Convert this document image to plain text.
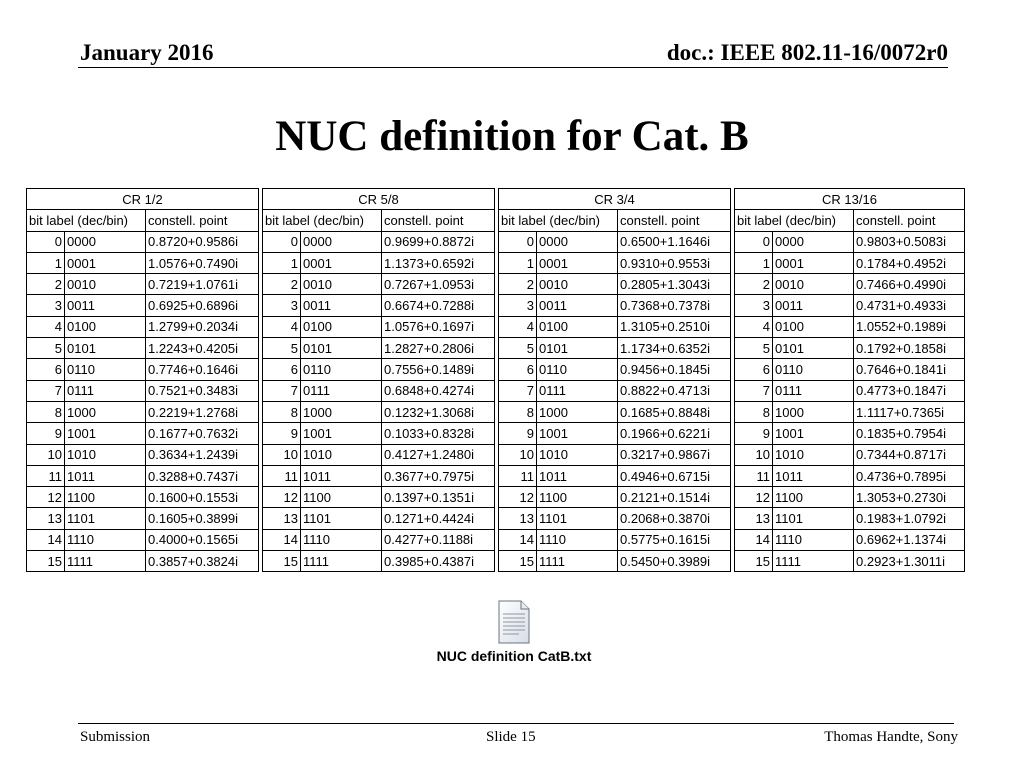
January 2016	doc.: IEEE 802.11-16/0072r0
NUC definition for Cat. B
CR 1/2		
bit label (dec/bin)		constell. point
0	0000	0.8720+0.9586i
1	0001	1.0576+0.7490i
2	0010	0.7219+1.0761i
3	0011	0.6925+0.6896i
4	0100	1.2799+0.2034i
5	0101	1.2243+0.4205i
6	0110	0.7746+0.1646i
7	0111	0.7521+0.3483i
8	1000	0.2219+1.2768i
9	1001	0.1677+0.7632i
10	1010	0.3634+1.2439i
11	1011	0.3288+0.7437i
12	1100	0.1600+0.1553i
13	1101	0.1605+0.3899i
14	1110	0.4000+0.1565i
15	1111	0.3857+0.3824i
CR 5/8		
bit label (dec/bin)		constell. point
0	0000	0.9699+0.8872i
1	0001	1.1373+0.6592i
2	0010	0.7267+1.0953i
3	0011	0.6674+0.7288i
4	0100	1.0576+0.1697i
5	0101	1.2827+0.2806i
6	0110	0.7556+0.1489i
7	0111	0.6848+0.4274i
8	1000	0.1232+1.3068i
9	1001	0.1033+0.8328i
10	1010	0.4127+1.2480i
11	1011	0.3677+0.7975i
12	1100	0.1397+0.1351i
13	1101	0.1271+0.4424i
14	1110	0.4277+0.1188i
15	1111	0.3985+0.4387i
CR 3/4		
bit label (dec/bin)		constell. point
0	0000	0.6500+1.1646i
1	0001	0.9310+0.9553i
2	0010	0.2805+1.3043i
3	0011	0.7368+0.7378i
4	0100	1.3105+0.2510i
5	0101	1.1734+0.6352i
6	0110	0.9456+0.1845i
7	0111	0.8822+0.4713i
8	1000	0.1685+0.8848i
9	1001	0.1966+0.6221i
10	1010	0.3217+0.9867i
11	1011	0.4946+0.6715i
12	1100	0.2121+0.1514i
13	1101	0.2068+0.3870i
14	1110	0.5775+0.1615i
15	1111	0.5450+0.3989i
CR 13/16		
bit label (dec/bin)		constell. point
0	0000	0.9803+0.5083i
1	0001	0.1784+0.4952i
2	0010	0.7466+0.4990i
3	0011	0.4731+0.4933i
4	0100	1.0552+0.1989i
5	0101	0.1792+0.1858i
6	0110	0.7646+0.1841i
7	0111	0.4773+0.1847i
8	1000	1.1117+0.7365i
9	1001	0.1835+0.7954i
10	1010	0.7344+0.8717i
11	1011	0.4736+0.7895i
12	1100	1.3053+0.2730i
13	1101	0.1983+1.0792i
14	1110	0.6962+1.1374i
15	1111	0.2923+1.3011i
NUC definition CatB.txt
Submission	Slide 15	Thomas Handte, Sony
